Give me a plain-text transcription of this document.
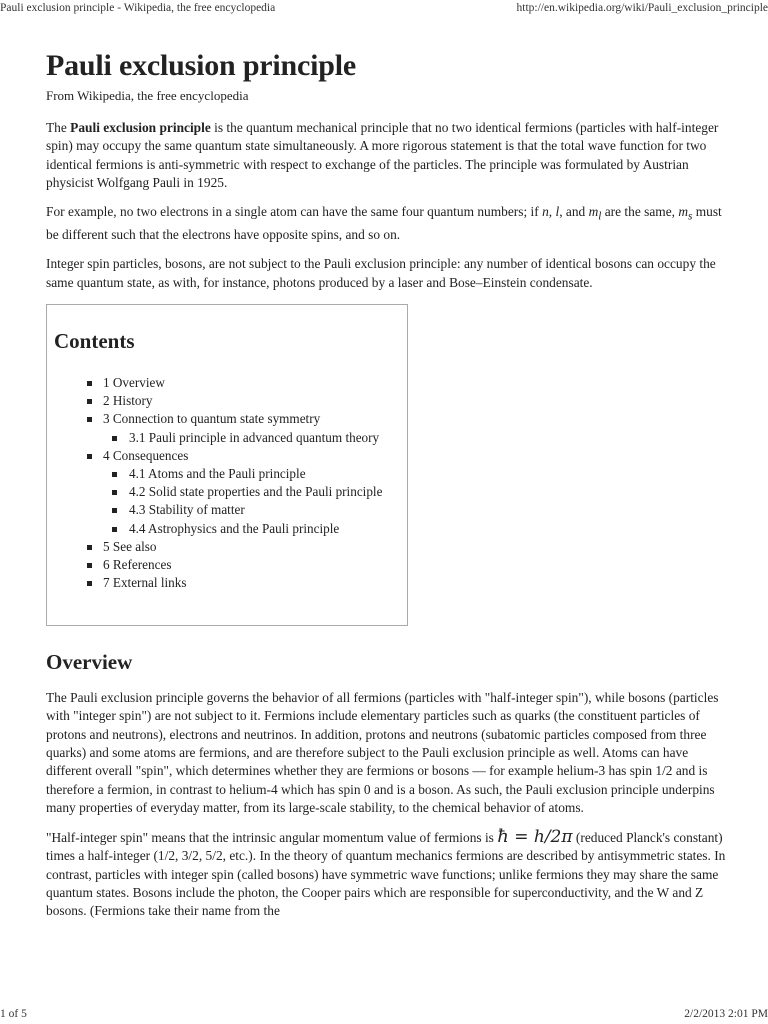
Pauli exclusion principle - Wikipedia, the free encyclopedia	http://en.wikipedia.org/wiki/Pauli_exclusion_principle
Pauli exclusion principle
From Wikipedia, the free encyclopedia

The Pauli exclusion principle is the quantum mechanical principle that no two identical fermions (particles with half-integer spin) may occupy the same quantum state simultaneously. A more rigorous statement is that the total wave function for two identical fermions is anti-symmetric with respect to exchange of the particles. The principle was formulated by Austrian physicist Wolfgang Pauli in 1925.

For example, no two electrons in a single atom can have the same four quantum numbers; if n, l, and $m_l$ are the same, $m_s$ must be different such that the electrons have opposite spins, and so on.

Integer spin particles, bosons, are not subject to the Pauli exclusion principle: any number of identical bosons can occupy the same quantum state, as with, for instance, photons produced by a laser and Bose–Einstein condensate.

Contents
1 Overview
2 History
3 Connection to quantum state symmetry
3.1 Pauli principle in advanced quantum theory
4 Consequences
4.1 Atoms and the Pauli principle
4.2 Solid state properties and the Pauli principle
4.3 Stability of matter
4.4 Astrophysics and the Pauli principle
5 See also
6 References
7 External links
Overview

The Pauli exclusion principle governs the behavior of all fermions (particles with "half-integer spin"), while bosons (particles with "integer spin") are not subject to it. Fermions include elementary particles such as quarks (the constituent particles of protons and neutrons), electrons and neutrinos. In addition, protons and neutrons (subatomic particles composed from three quarks) and some atoms are fermions, and are therefore subject to the Pauli exclusion principle as well. Atoms can have different overall "spin", which determines whether they are fermions or bosons — for example helium-3 has spin 1/2 and is therefore a fermion, in contrast to helium-4 which has spin 0 and is a boson. As such, the Pauli exclusion principle underpins many properties of everyday matter, from its large-scale stability, to the chemical behavior of atoms.

"Half-integer spin" means that the intrinsic angular momentum value of fermions is ħ = h/2π (reduced Planck's constant) times a half-integer (1/2, 3/2, 5/2, etc.). In the theory of quantum mechanics fermions are described by antisymmetric states. In contrast, particles with integer spin (called bosons) have symmetric wave functions; unlike fermions they may share the same quantum states. Bosons include the photon, the Cooper pairs which are responsible for superconductivity, and the W and Z bosons. (Fermions take their name from the

1 of 5	2/2/2013 2:01 PM
